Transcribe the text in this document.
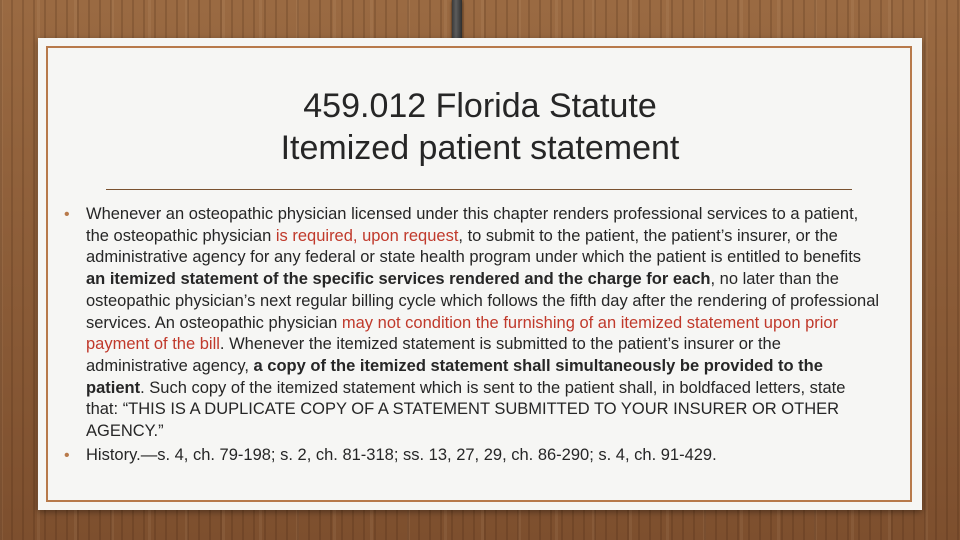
459.012 Florida Statute
Itemized patient statement
• Whenever an osteopathic physician licensed under this chapter renders professional services to a patient, the osteopathic physician is required, upon request, to submit to the patient, the patient’s insurer, or the administrative agency for any federal or state health program under which the patient is entitled to benefits an itemized statement of the specific services rendered and the charge for each, no later than the osteopathic physician’s next regular billing cycle which follows the fifth day after the rendering of professional services. An osteopathic physician may not condition the furnishing of an itemized statement upon prior payment of the bill. Whenever the itemized statement is submitted to the patient’s insurer or the administrative agency, a copy of the itemized statement shall simultaneously be provided to the patient. Such copy of the itemized statement which is sent to the patient shall, in boldfaced letters, state that: “THIS IS A DUPLICATE COPY OF A STATEMENT SUBMITTED TO YOUR INSURER OR OTHER AGENCY.”
• History.—s. 4, ch. 79-198; s. 2, ch. 81-318; ss. 13, 27, 29, ch. 86-290; s. 4, ch. 91-429.
